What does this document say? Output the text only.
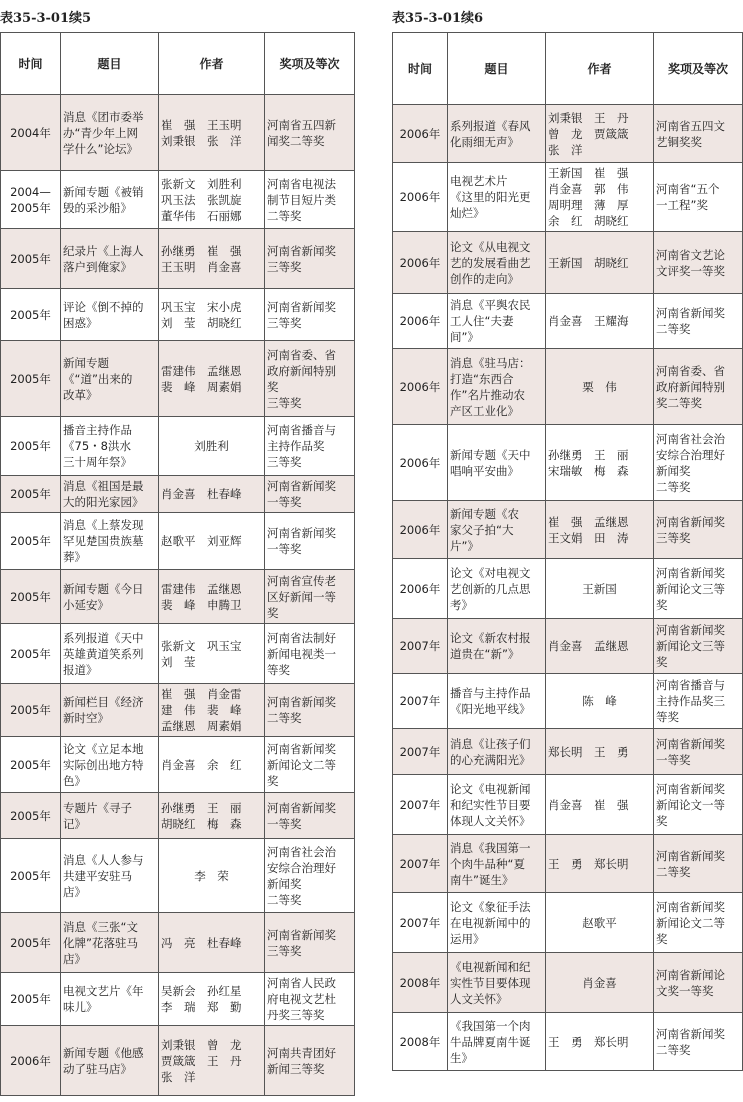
表35-3-01续5
时间	题目	作者	奖项及等次
2004年	消息《团市委举
办“青少年上网
学什么”论坛》	崔　强　王玉明
刘秉银　张　洋	河南省五四新
闻奖二等奖
2004—
2005年	新闻专题《被销
毁的采沙船》	张新文　刘胜利
巩玉法　张凯旋
董华伟　石丽娜	河南省电视法
制节目短片类
二等奖
2005年	纪录片《上海人
落户到俺家》	孙继勇　崔　强
王玉明　肖金喜	河南省新闻奖
三等奖
2005年	评论《倒不掉的
困惑》	巩玉宝　宋小虎
刘　莹　胡晓红	河南省新闻奖
三等奖
2005年	新闻专题
《“道”出来的
改革》	雷建伟　孟继恩
裴　峰　周素娟	河南省委、省
政府新闻特别
奖
三等奖
2005年	播音主持作品
《75・8洪水
三十周年祭》	刘胜利	河南省播音与
主持作品奖
三等奖
2005年	消息《祖国是最
大的阳光家园》	肖金喜　杜春峰	河南省新闻奖
一等奖
2005年	消息《上蔡发现
罕见楚国贵族墓
葬》	赵歌平　刘亚辉	河南省新闻奖
一等奖
2005年	新闻专题《今日
小延安》	雷建伟　孟继恩
裴　峰　申腾卫	河南省宣传老
区好新闻一等
奖
2005年	系列报道《天中
英雄黄道笑系列
报道》	张新文　巩玉宝
刘　莹	河南省法制好
新闻电视类一
等奖
2005年	新闻栏目《经济
新时空》	崔　强　肖金雷
建　伟　裴　峰
孟继恩　周素娟	河南省新闻奖
二等奖
2005年	论文《立足本地
实际创出地方特
色》	肖金喜　余　红	河南省新闻奖
新闻论文二等
奖
2005年	专题片《寻子
记》	孙继勇　王　丽
胡晓红　梅　森	河南省新闻奖
一等奖
2005年	消息《人人参与
共建平安驻马
店》	李　荣	河南省社会治
安综合治理好
新闻奖
二等奖
2005年	消息《三张“文
化牌”花落驻马
店》	冯　亮　杜春峰	河南省新闻奖
三等奖
2005年	电视文艺片《年
味儿》	吴新会　孙红星
李　瑞　郑　勤	河南省人民政
府电视文艺杜
丹奖三等奖
2006年	新闻专题《他感
动了驻马店》	刘秉银　曾　龙
贾箴箴　王　丹
张　洋	河南共青团好
新闻三等奖
表35-3-01续6
时间	题目	作者	奖项及等次
2006年	系列报道《春风
化雨细无声》	刘秉银　王　丹
曾　龙　贾箴箴
张　洋	河南省五四文
艺铜奖奖
2006年	电视艺术片
《这里的阳光更
灿烂》	王新国　崔　强
肖金喜　郭　伟
周明理　薄　厚
余　红　胡晓红	河南省“五个
一工程”奖
2006年	论文《从电视文
艺的发展看曲艺
创作的走向》	王新国　胡晓红	河南省文艺论
文评奖一等奖
2006年	消息《平舆农民
工人住“夫妻
间”》	肖金喜　王耀海	河南省新闻奖
二等奖
2006年	消息《驻马店：
打造“东西合
作”名片推动农
产区工业化》	栗　伟	河南省委、省
政府新闻特别
奖二等奖
2006年	新闻专题《天中
唱响平安曲》	孙继勇　王　丽
宋瑞敏　梅　森	河南省社会治
安综合治理好
新闻奖
二等奖
2006年	新闻专题《农
家父子拍“大
片”》	崔　强　孟继恩
王文娟　田　涛	河南省新闻奖
三等奖
2006年	论文《对电视文
艺创新的几点思
考》	王新国	河南省新闻奖
新闻论文三等
奖
2007年	论文《新农村报
道贵在“新”》	肖金喜　孟继恩	河南省新闻奖
新闻论文三等
奖
2007年	播音与主持作品
《阳光地平线》	陈　峰	河南省播音与
主持作品奖三
等奖
2007年	消息《让孩子们
的心充满阳光》	郑长明　王　勇	河南省新闻奖
一等奖
2007年	论文《电视新闻
和纪实性节目要
体现人文关怀》	肖金喜　崔　强	河南省新闻奖
新闻论文一等
奖
2007年	消息《我国第一
个肉牛品种“夏
南牛”诞生》	王　勇　郑长明	河南省新闻奖
二等奖
2007年	论文《象征手法
在电视新闻中的
运用》	赵歌平	河南省新闻奖
新闻论文二等
奖
2008年	《电视新闻和纪
实性节目要体现
人文关怀》	肖金喜	河南省新闻论
文奖一等奖
2008年	《我国第一个肉
牛品牌夏南牛诞
生》	王　勇　郑长明	河南省新闻奖
二等奖
